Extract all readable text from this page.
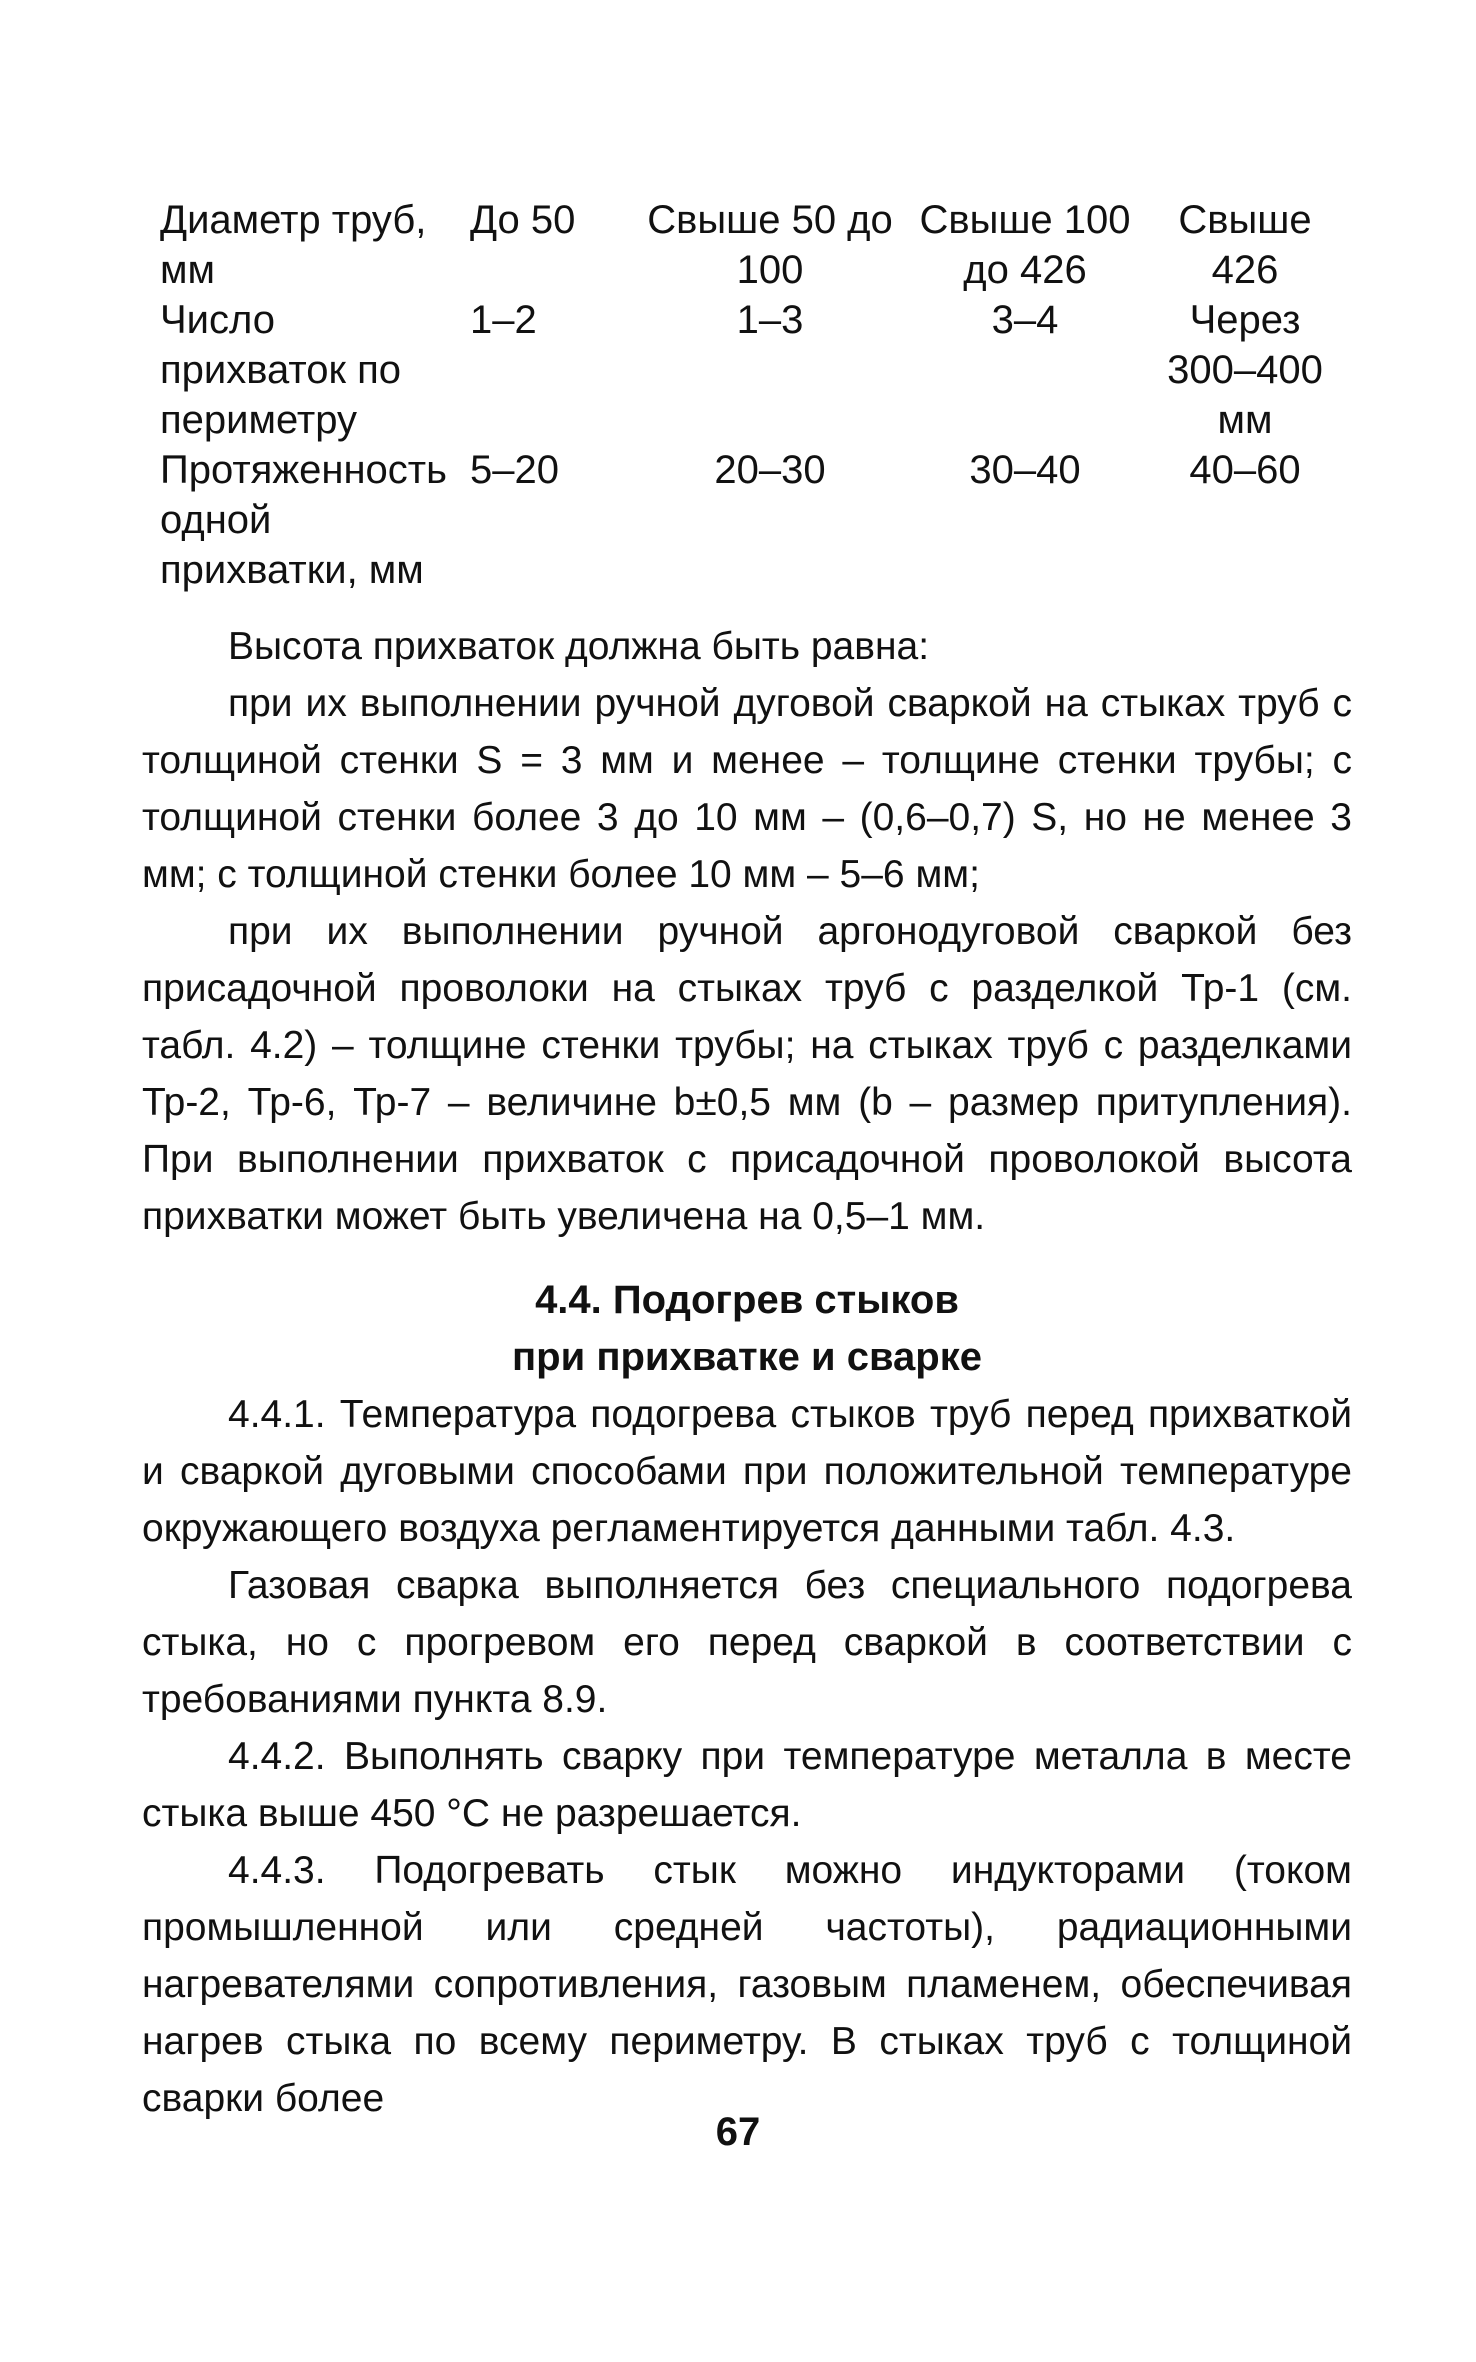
Диаметр труб, мм	До 50	Свыше 50 до 100	Свыше 100 до 426	Свыше 426
Число прихваток по периметру	1–2	1–3	3–4	Через 300–400 мм
Протяженность одной прихватки, мм	5–20	20–30	30–40	40–60

Высота прихваток должна быть равна:

при их выполнении ручной дуговой сваркой на стыках труб с толщиной стенки S = 3 мм и менее – толщине стенки трубы; с толщиной стенки более 3 до 10 мм – (0,6–0,7) S, но не менее 3 мм; с толщиной стенки более 10 мм – 5–6 мм;

при их выполнении ручной аргонодуговой сваркой без присадочной проволоки на стыках труб с разделкой Тр-1 (см. табл. 4.2) – толщине стенки трубы; на стыках труб с разделками Тр-2, Тр-6, Тр-7 – величине b±0,5 мм (b – размер притупления). При выполнении прихваток с присадочной проволокой высота прихватки может быть увеличена на 0,5–1 мм.

4.4. Подогрев стыков
при прихватке и сварке

4.4.1. Температура подогрева стыков труб перед прихваткой и сваркой дуговыми способами при положительной температуре окружающего воздуха регламентируется данными табл. 4.3.

Газовая сварка выполняется без специального подогрева стыка, но с прогревом его перед сваркой в соответствии с требованиями пункта 8.9.

4.4.2. Выполнять сварку при температуре металла в месте стыка выше 450 °С не разрешается.

4.4.3. Подогревать стык можно индукторами (током промышленной или средней частоты), радиационными нагревателями сопротивления, газовым пламенем, обеспечивая нагрев стыка по всему периметру. В стыках труб с толщиной сварки более

67
